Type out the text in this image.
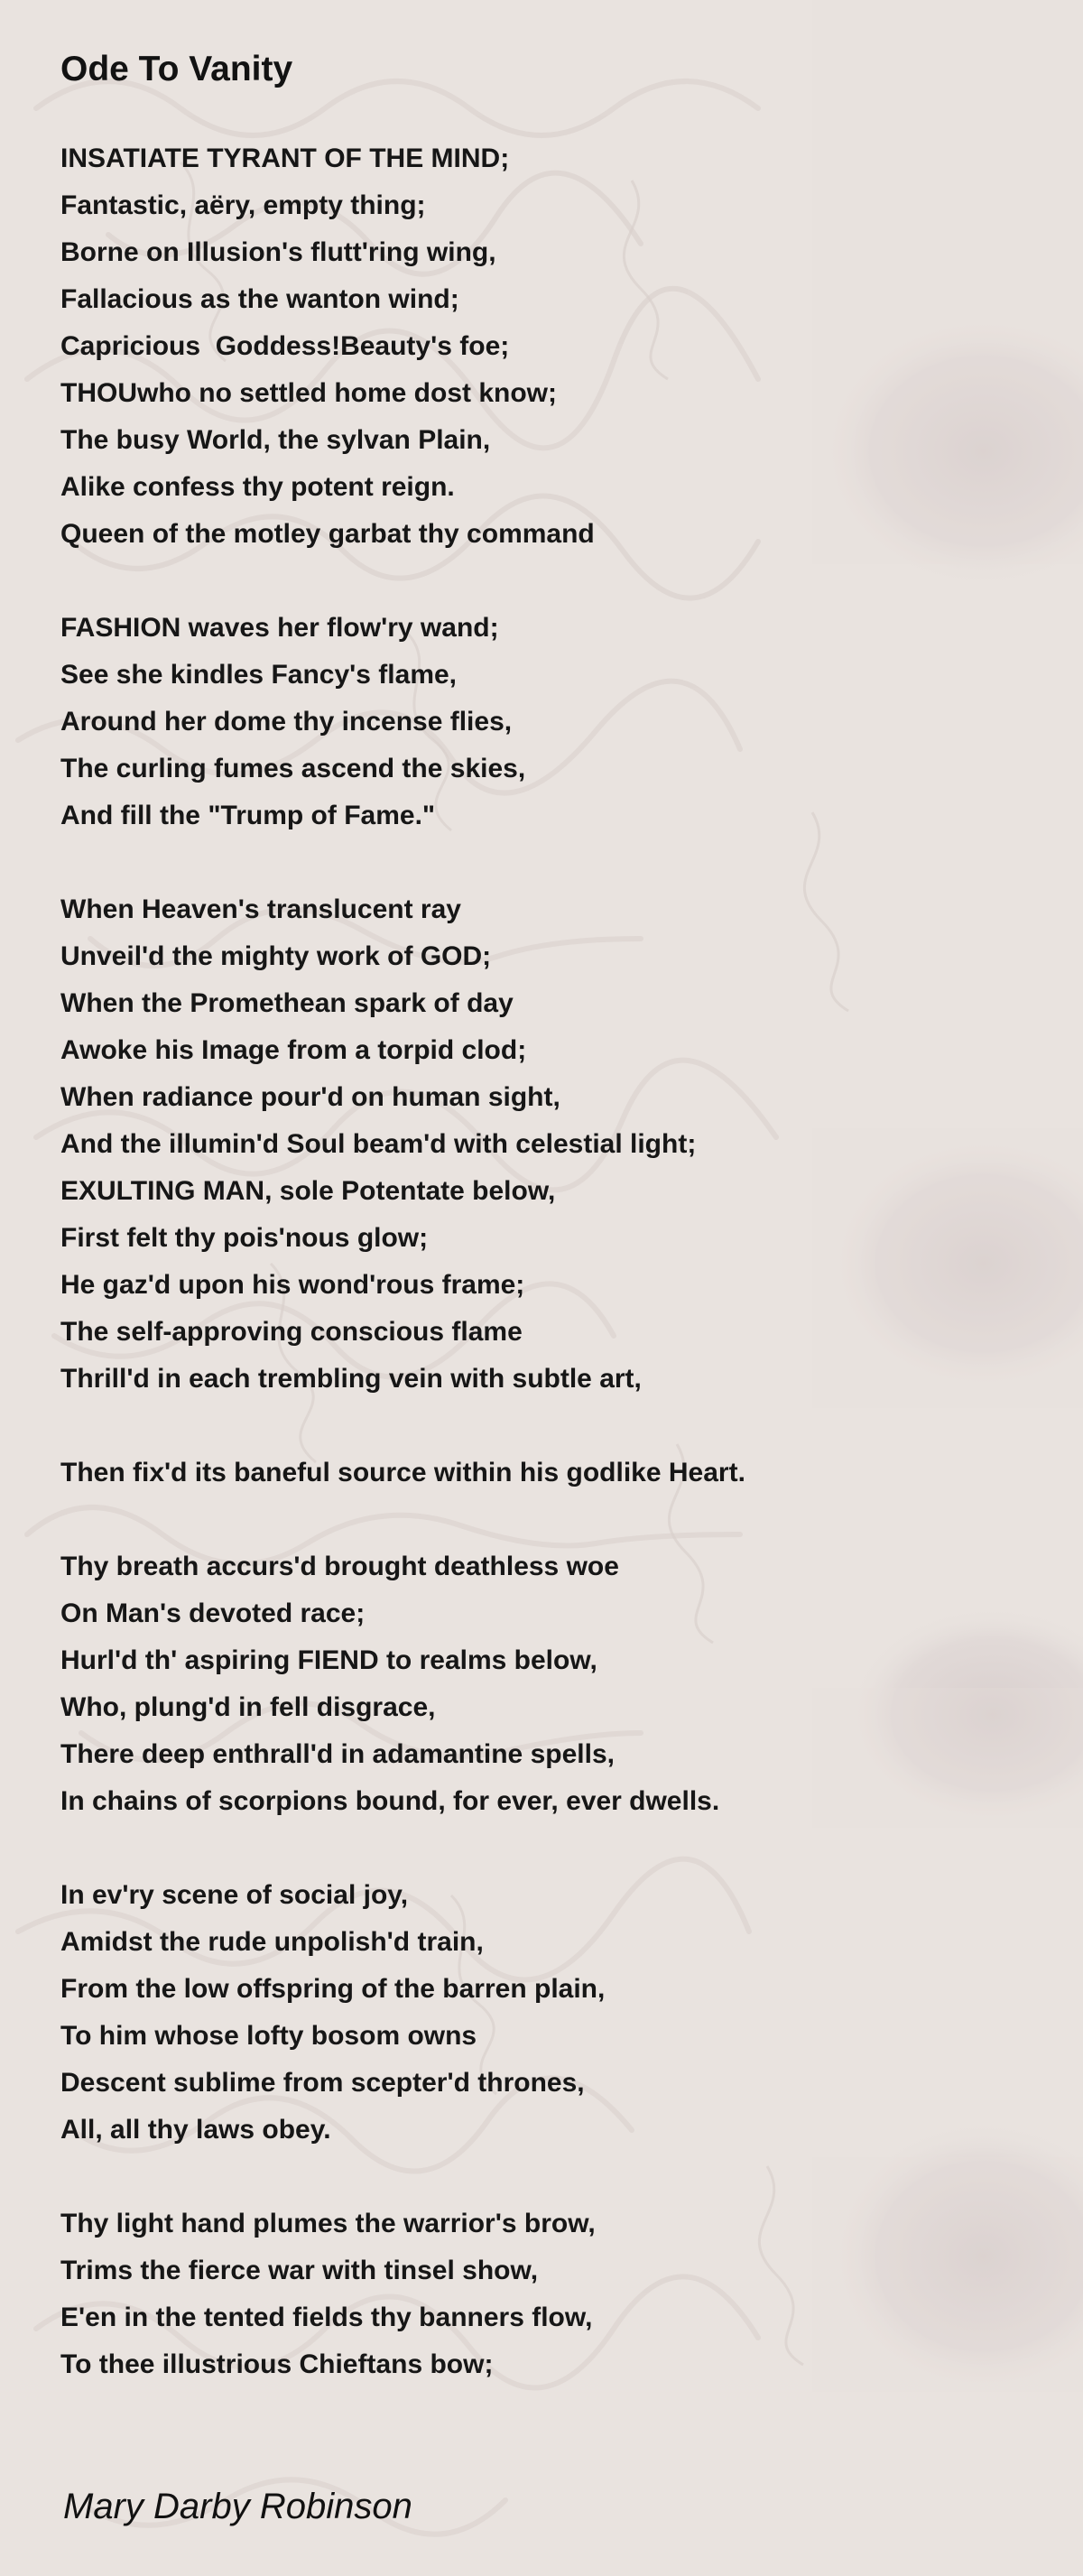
Ode To Vanity
INSATIATE TYRANT OF THE MIND;
Fantastic, aëry, empty thing;
Borne on Illusion's flutt'ring wing,
Fallacious as the wanton wind;
Capricious  Goddess!Beauty's foe;
THOUwho no settled home dost know;
The busy World, the sylvan Plain,
Alike confess thy potent reign.
Queen of the motley garbat thy command
FASHION waves her flow'ry wand;
See she kindles Fancy's flame,
Around her dome thy incense flies,
The curling fumes ascend the skies,
And fill the "Trump of Fame."
When Heaven's translucent ray
Unveil'd the mighty work of GOD;
When the Promethean spark of day
Awoke his Image from a torpid clod;
When radiance pour'd on human sight,
And the illumin'd Soul beam'd with celestial light;
EXULTING MAN, sole Potentate below,
First felt thy pois'nous glow;
He gaz'd upon his wond'rous frame;
The self-approving conscious flame
Thrill'd in each trembling vein with subtle art,
Then fix'd its baneful source within his godlike Heart.
Thy breath accurs'd brought deathless woe
On Man's devoted race;
Hurl'd th' aspiring FIEND to realms below,
Who, plung'd in fell disgrace,
There deep enthrall'd in adamantine spells,
In chains of scorpions bound, for ever, ever dwells.
In ev'ry scene of social joy,
Amidst the rude unpolish'd train,
From the low offspring of the barren plain,
To him whose lofty bosom owns
Descent sublime from scepter'd thrones,
All, all thy laws obey.
Thy light hand plumes the warrior's brow,
Trims the fierce war with tinsel show,
E'en in the tented fields thy banners flow,
To thee illustrious Chieftans bow;

Mary Darby Robinson
